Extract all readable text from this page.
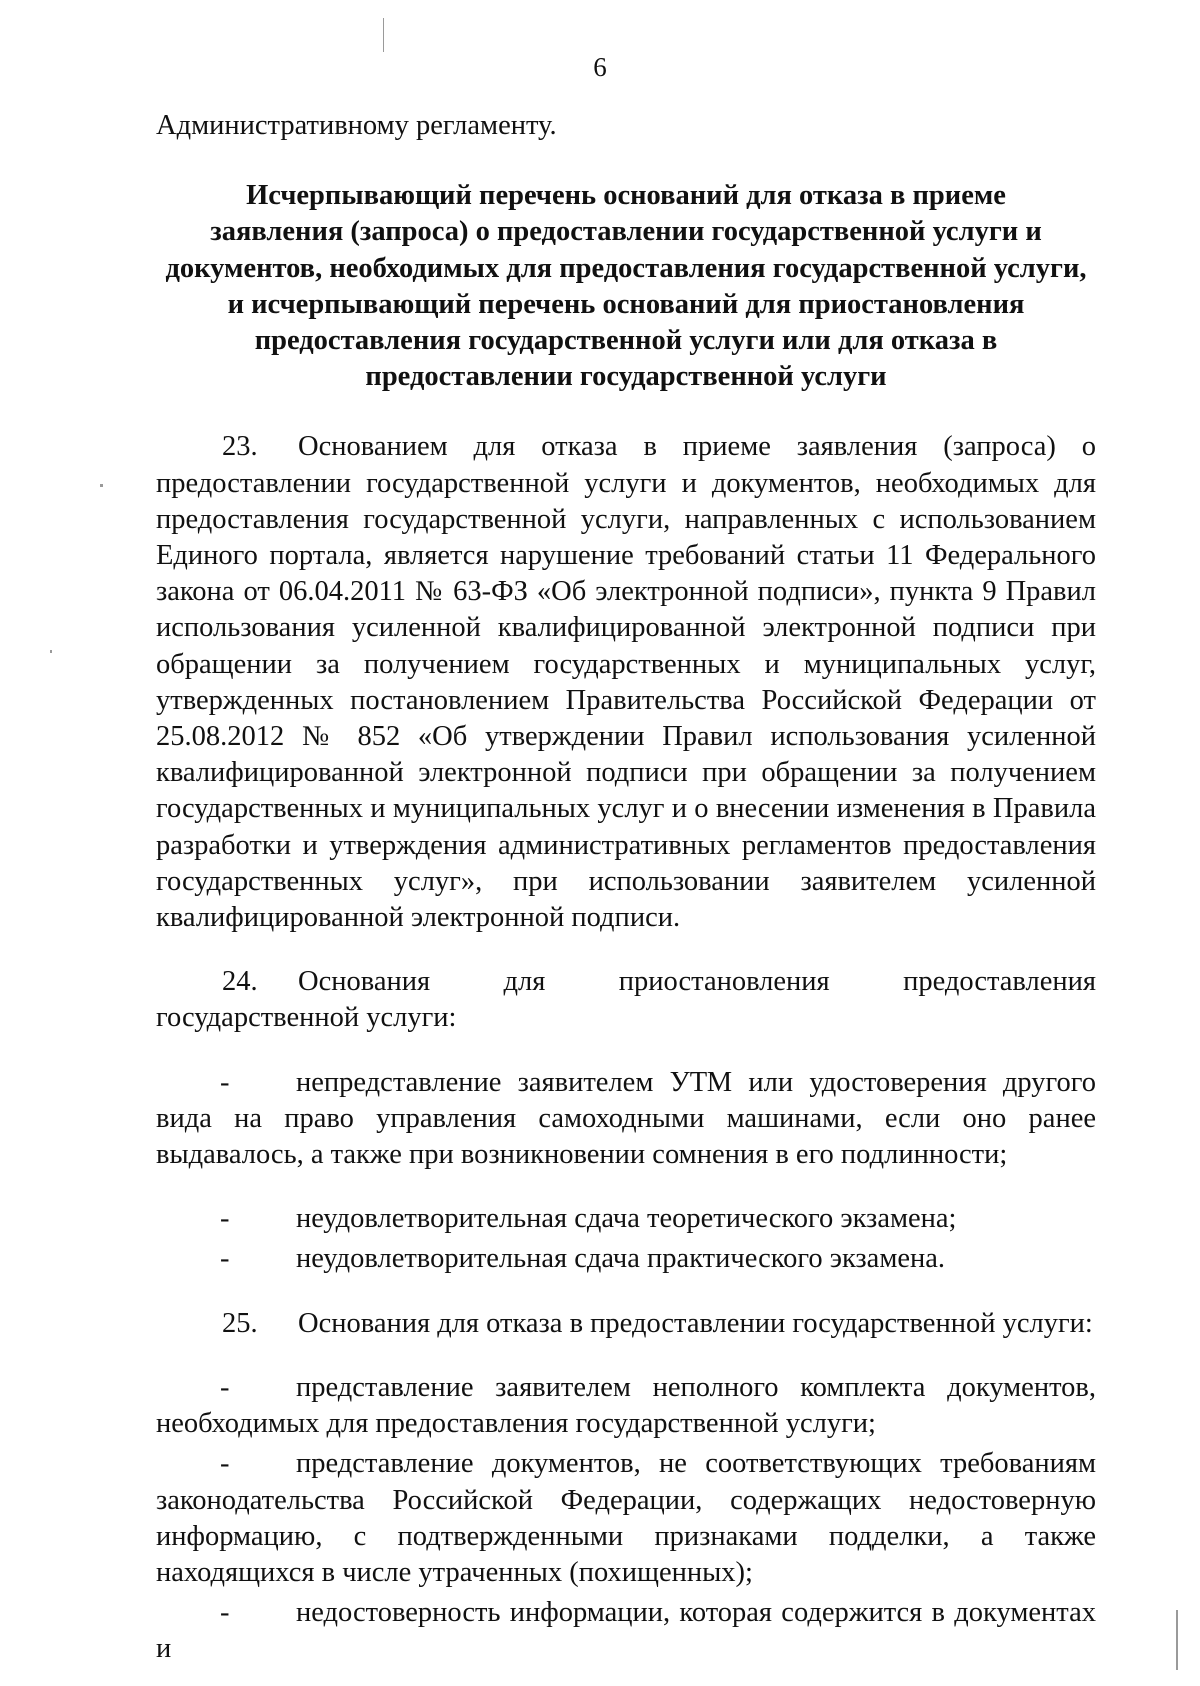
6

Административному регламенту.

Исчерпывающий перечень оснований для отказа в приеме
заявления (запроса) о предоставлении государственной услуги и
документов, необходимых для предоставления государственной услуги,
и исчерпывающий перечень оснований для приостановления
предоставления государственной услуги или для отказа в
предоставлении государственной услуги

23. Основанием для отказа в приеме заявления (запроса) о предоставлении государственной услуги и документов, необходимых для предоставления государственной услуги, направленных с использованием Единого портала, является нарушение требований статьи 11 Федерального закона от 06.04.2011 № 63-ФЗ «Об электронной подписи», пункта 9 Правил использования усиленной квалифицированной электронной подписи при обращении за получением государственных и муниципальных услуг, утвержденных постановлением Правительства Российской Федерации от 25.08.2012 № 852 «Об утверждении Правил использования усиленной квалифицированной электронной подписи при обращении за получением государственных и муниципальных услуг и о внесении изменения в Правила разработки и утверждения административных регламентов предоставления государственных услуг», при использовании заявителем усиленной квалифицированной электронной подписи.

24. Основания для приостановления предоставления государственной услуги:

- непредставление заявителем УТМ или удостоверения другого вида на право управления самоходными машинами, если оно ранее выдавалось, а также при возникновении сомнения в его подлинности;

- неудовлетворительная сдача теоретического экзамена;

- неудовлетворительная сдача практического экзамена.

25. Основания для отказа в предоставлении государственной услуги:

- представление заявителем неполного комплекта документов, необходимых для предоставления государственной услуги;

- представление документов, не соответствующих требованиям законодательства Российской Федерации, содержащих недостоверную информацию, с подтвержденными признаками подделки, а также находящихся в числе утраченных (похищенных);

- недостоверность информации, которая содержится в документах и
